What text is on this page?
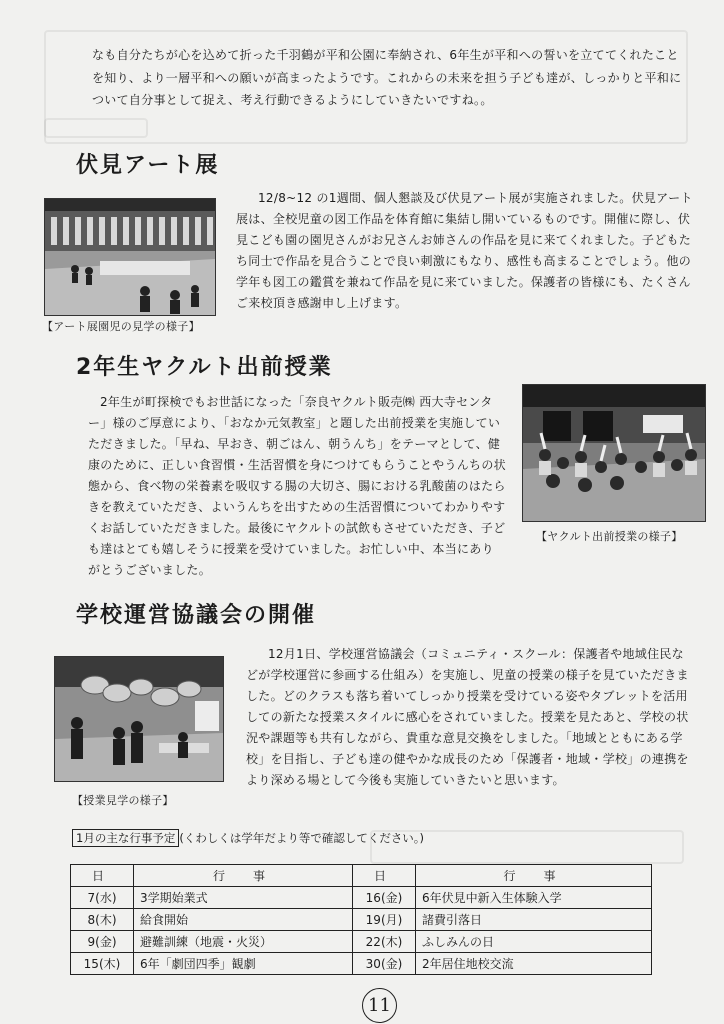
なも自分たちが心を込めて折った千羽鶴が平和公園に奉納され、6年生が平和への誓いを立ててくれたことを知り、より一層平和への願いが高まったようです。これからの未来を担う子ども達が、しっかりと平和について自分事として捉え、考え行動できるようにしていきたいですね。。

伏見アート展
【アート展園児の見学の様子】

12/8~12 の1週間、個人懇談及び伏見アート展が実施されました。伏見アート展は、全校児童の図工作品を体育館に集結し開いているものです。開催に際し、伏見こども園の園児さんがお兄さんお姉さんの作品を見に来てくれました。子どもたち同士で作品を見合うことで良い刺激にもなり、感性も高まることでしょう。他の学年も図工の鑑賞を兼ねて作品を見に来ていました。保護者の皆様にも、たくさんご来校頂き感謝申し上げます。

2年生ヤクルト出前授業
【ヤクルト出前授業の様子】

2年生が町探検でもお世話になった「奈良ヤクルト販売㈱ 西大寺センター」様のご厚意により、「おなか元気教室」と題した出前授業を実施していただきました。「早ね、早おき、朝ごはん、朝うんち」をテーマとして、健康のために、正しい食習慣・生活習慣を身につけてもらうことやうんちの状態から、食べ物の栄養素を吸収する腸の大切さ、腸における乳酸菌のはたらきを教えていただき、よいうんちを出すための生活習慣についてわかりやすくお話していただきました。最後にヤクルトの試飲もさせていただき、子ども達はとても嬉しそうに授業を受けていました。お忙しい中、本当にありがとうございました。

学校運営協議会の開催
【授業見学の様子】

12月1日、学校運営協議会（コミュニティ・スクール：保護者や地域住民などが学校運営に参画する仕組み）を実施し、児童の授業の様子を見ていただきました。どのクラスも落ち着いてしっかり授業を受けている姿やタブレットを活用しての新たな授業スタイルに感心をされていました。授業を見たあと、学校の状況や課題等も共有しながら、貴重な意見交換をしました。「地域とともにある学校」を目指し、子ども達の健やかな成長のため「保護者・地域・学校」の連携をより深める場として今後も実施していきたいと思います。

1月の主な行事予定 (くわしくは学年だより等で確認してください。)
日	行　事	日	行　事
7(水)	3学期始業式	16(金)	6年伏見中新入生体験入学
8(木)	給食開始	19(月)	諸費引落日
9(金)	避難訓練（地震・火災）	22(木)	ふしみんの日
15(木)	6年「劇団四季」観劇	30(金)	2年居住地校交流
11
